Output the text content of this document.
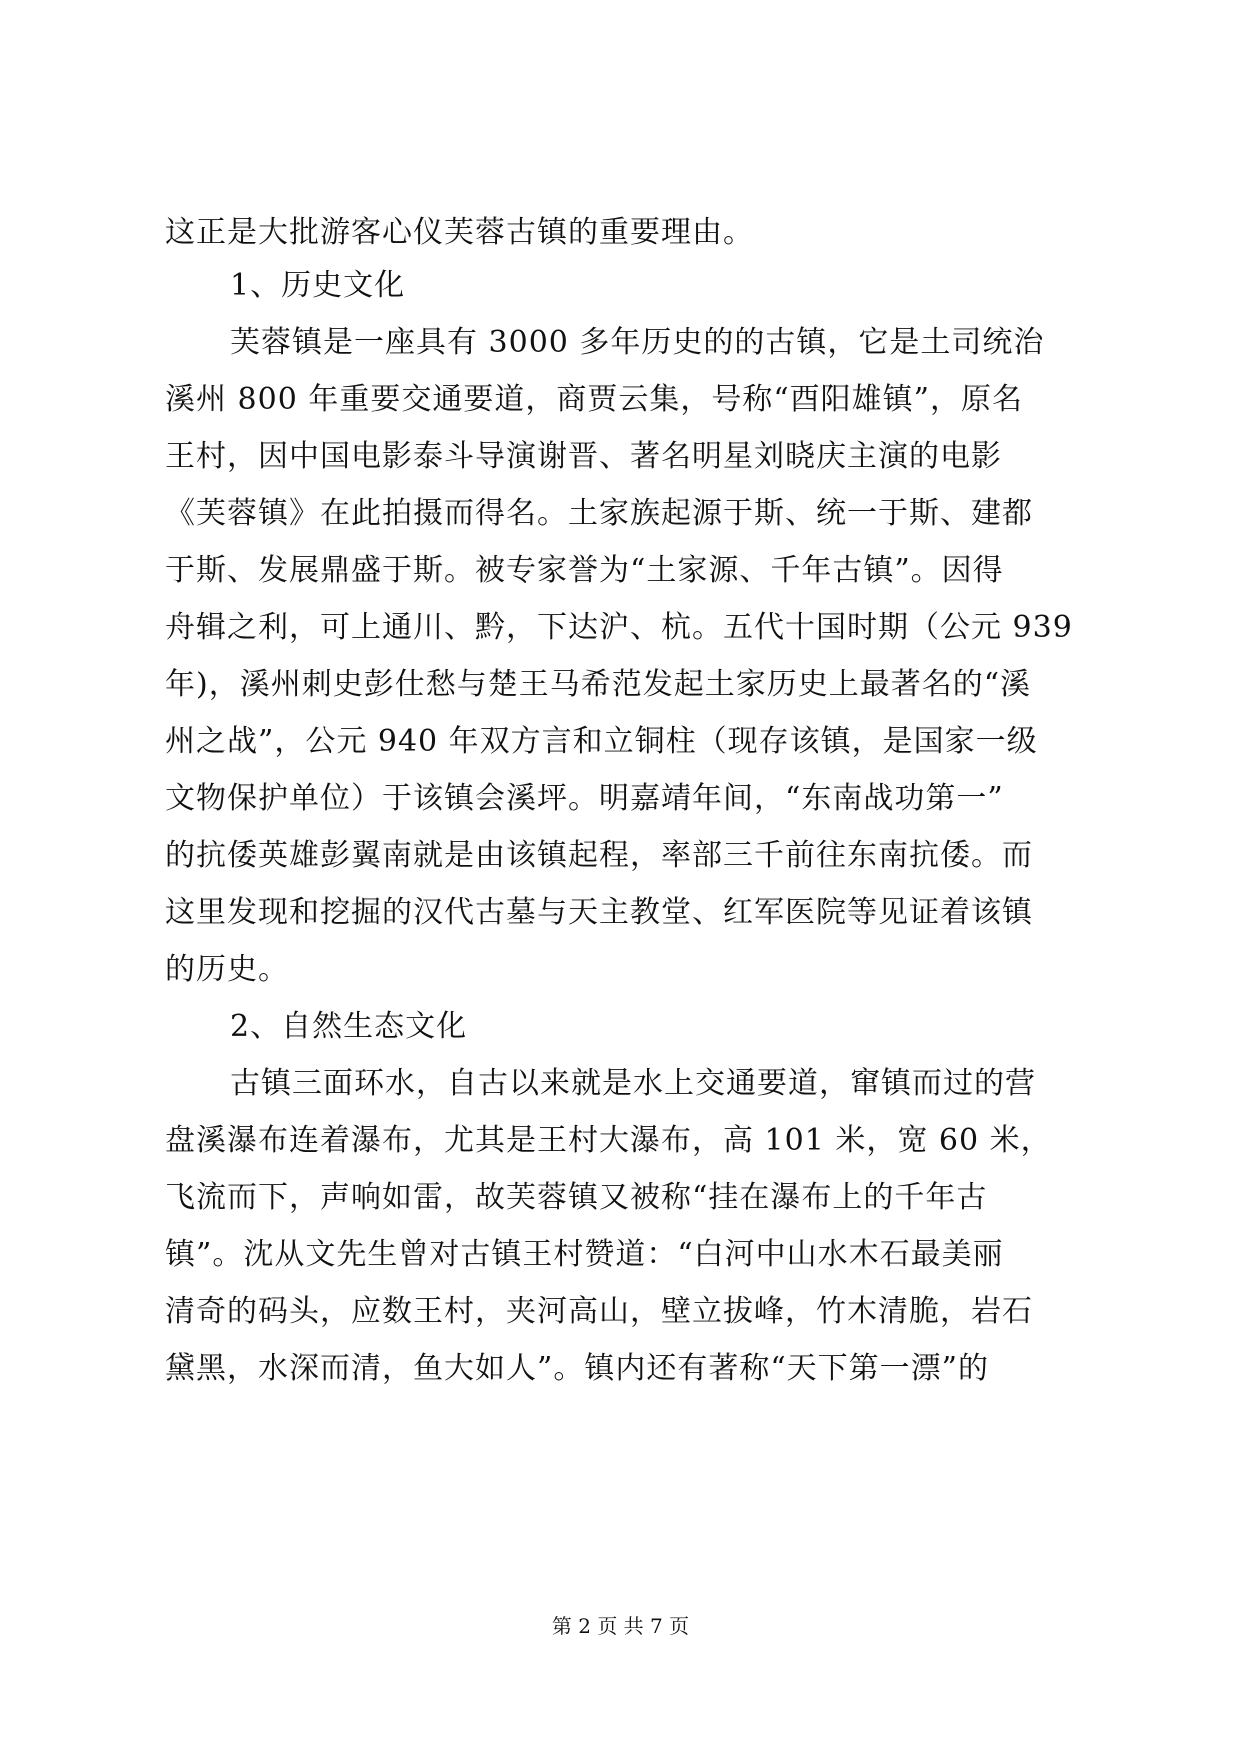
这正是大批游客心仪芙蓉古镇的重要理由。
1、历史文化
芙蓉镇是一座具有 3000 多年历史的的古镇，它是土司统治
溪州 800 年重要交通要道，商贾云集，号称“酉阳雄镇”，原名
王村，因中国电影泰斗导演谢晋、著名明星刘晓庆主演的电影
《芙蓉镇》在此拍摄而得名。土家族起源于斯、统一于斯、建都
于斯、发展鼎盛于斯。被专家誉为“土家源、千年古镇”。因得
舟辑之利，可上通川、黔，下达沪、杭。五代十国时期（公元 939
年)，溪州刺史彭仕愁与楚王马希范发起土家历史上最著名的“溪
州之战”，公元 940 年双方言和立铜柱（现存该镇，是国家一级
文物保护单位）于该镇会溪坪。明嘉靖年间，“东南战功第一”
的抗倭英雄彭翼南就是由该镇起程，率部三千前往东南抗倭。而
这里发现和挖掘的汉代古墓与天主教堂、红军医院等见证着该镇
的历史。
2、自然生态文化
古镇三面环水，自古以来就是水上交通要道，窜镇而过的营
盘溪瀑布连着瀑布，尤其是王村大瀑布，高 101 米，宽 60 米，
飞流而下，声响如雷，故芙蓉镇又被称“挂在瀑布上的千年古
镇”。沈从文先生曾对古镇王村赞道：“白河中山水木石最美丽
清奇的码头，应数王村，夹河高山，壁立拔峰，竹木清脆，岩石
黛黑，水深而清，鱼大如人”。镇内还有著称“天下第一漂”的
第 2 页 共 7 页
